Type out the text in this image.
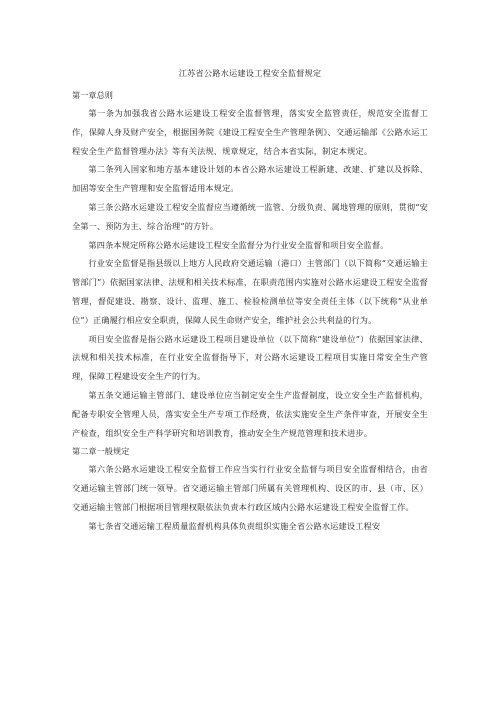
江苏省公路水运建设工程安全监督规定

第一章总则

第一条为加强我省公路水运建设工程安全监督管理，落实安全监管责任，规范安全监督工作，保障人身及财产安全，根据国务院《建设工程安全生产管理条例》、交通运输部《公路水运工程安全生产监督管理办法》等有关法规、规章规定，结合本省实际，制定本规定。

第二条列入国家和地方基本建设计划的本省公路水运建设工程新建、改建、扩建以及拆除、加固等安全生产管理和安全监督适用本规定。

第三条公路水运建设工程安全监督应当遵循统一监管、分级负责、属地管理的原则，贯彻“安全第一、预防为主、综合治理”的方针。

第四条本规定所称公路水运建设工程安全监督分为行业安全监督和项目安全监督。

行业安全监督是指县级以上地方人民政府交通运输（港口）主管部门（以下简称“交通运输主管部门”）依据国家法律、法规和相关技术标准，在职责范围内实施对公路水运建设工程安全监督管理，督促建设、勘察、设计、监理、施工、检验检测单位等安全责任主体（以下统称“从业单位”）正确履行相应安全职责，保障人民生命财产安全，维护社会公共利益的行为。

项目安全监督是指公路水运建设工程项目建设单位（以下简称“建设单位”）依据国家法律、法规和相关技术标准，在行业安全监督指导下，对公路水运建设工程项目实施日常安全生产管理，保障工程建设安全生产的行为。

第五条交通运输主管部门、建设单位应当制定安全生产监督制度，设立安全生产监督机构，配备专职安全管理人员，落实安全生产专项工作经费，依法实施安全生产条件审查，开展安全生产检查，组织安全生产科学研究和培训教育，推动安全生产规范管理和技术进步。

第二章一般规定

第六条公路水运建设工程安全监督工作应当实行行业安全监督与项目安全监督相结合，由省交通运输主管部门统一领导。省交通运输主管部门所属有关管理机构、设区的市、县（市、区）交通运输主管部门根据项目管理权限依法负责本行政区域内公路水运建设工程安全监督工作。

第七条省交通运输工程质量监督机构具体负责组织实施全省公路水运建设工程安
